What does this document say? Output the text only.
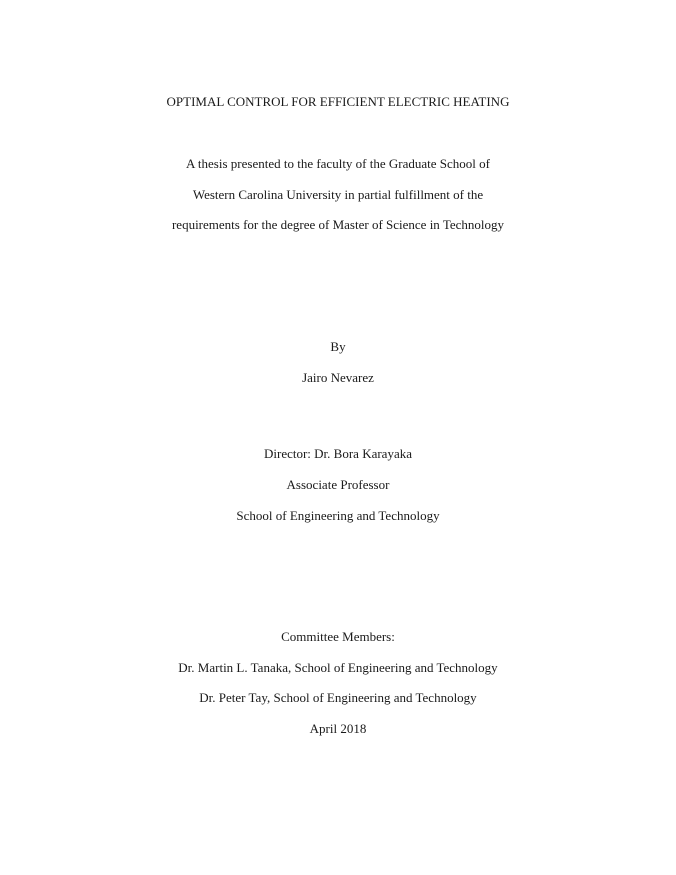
OPTIMAL CONTROL FOR EFFICIENT ELECTRIC HEATING
A thesis presented to the faculty of the Graduate School of
Western Carolina University in partial fulfillment of the
requirements for the degree of Master of Science in Technology
By
Jairo Nevarez
Director: Dr. Bora Karayaka
Associate Professor
School of Engineering and Technology
Committee Members:
Dr. Martin L. Tanaka, School of Engineering and Technology
Dr. Peter Tay, School of Engineering and Technology
April 2018
